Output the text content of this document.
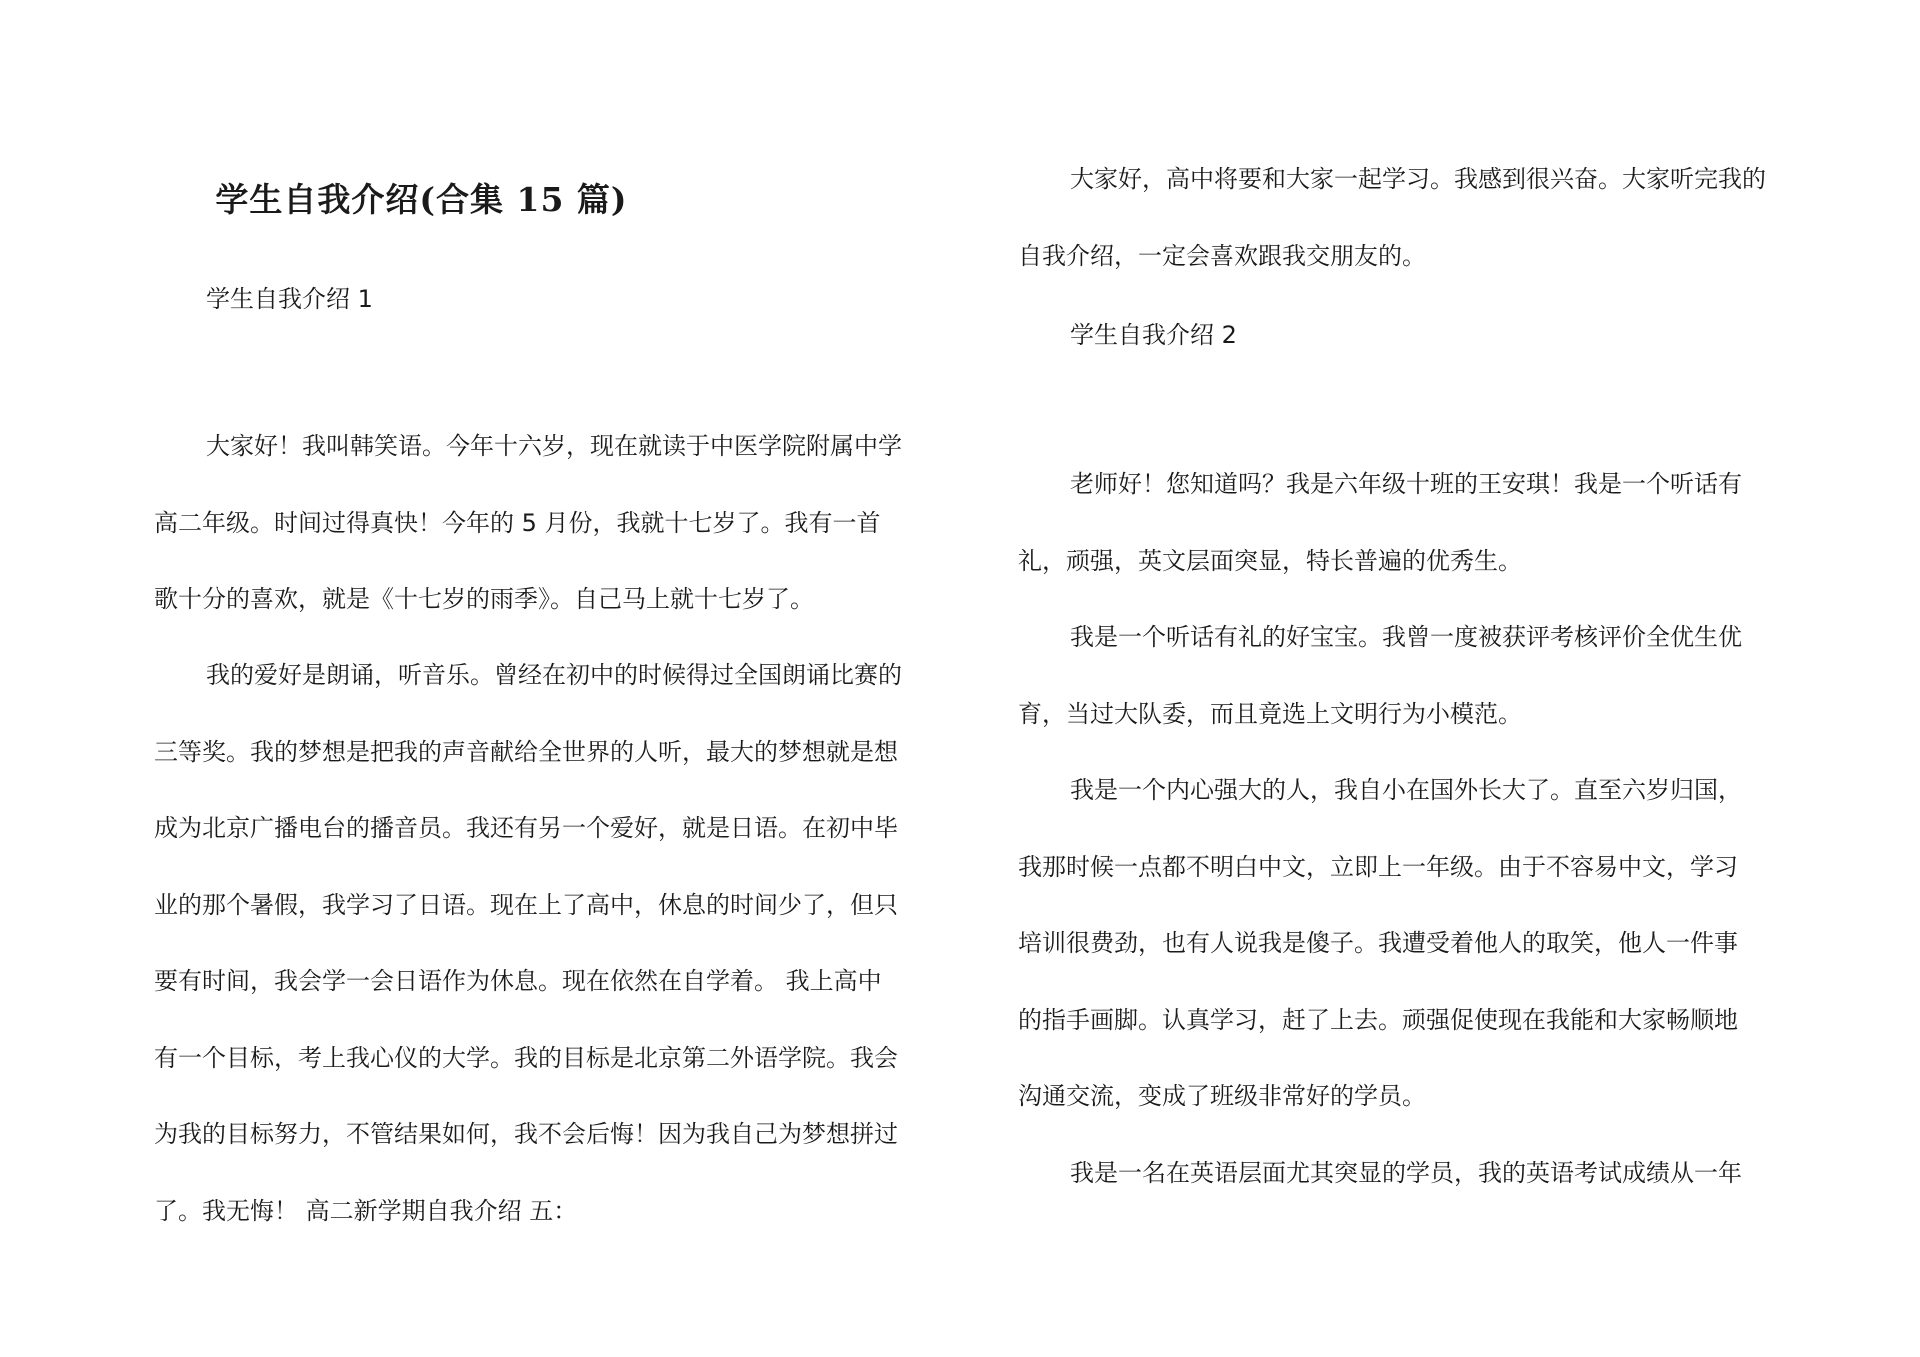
学生自我介绍(合集 15 篇)
学生自我介绍 1
大家好！我叫韩笑语。今年十六岁，现在就读于中医学院附属中学
高二年级。时间过得真快！今年的 5 月份，我就十七岁了。我有一首
歌十分的喜欢，就是《十七岁的雨季》。自己马上就十七岁了。
我的爱好是朗诵，听音乐。曾经在初中的时候得过全国朗诵比赛的
三等奖。我的梦想是把我的声音献给全世界的人听，最大的梦想就是想
成为北京广播电台的播音员。我还有另一个爱好，就是日语。在初中毕
业的那个暑假，我学习了日语。现在上了高中，休息的时间少了，但只
要有时间，我会学一会日语作为休息。现在依然在自学着。 我上高中
有一个目标，考上我心仪的大学。我的目标是北京第二外语学院。我会
为我的目标努力，不管结果如何，我不会后悔！因为我自己为梦想拼过
了。我无悔！ 高二新学期自我介绍 五：
大家好，高中将要和大家一起学习。我感到很兴奋。大家听完我的
自我介绍，一定会喜欢跟我交朋友的。
学生自我介绍 2
老师好！您知道吗？我是六年级十班的王安琪！我是一个听话有
礼，顽强，英文层面突显，特长普遍的优秀生。
我是一个听话有礼的好宝宝。我曾一度被获评考核评价全优生优
育，当过大队委，而且竟选上文明行为小模范。
我是一个内心强大的人，我自小在国外长大了。直至六岁归国，
我那时候一点都不明白中文，立即上一年级。由于不容易中文，学习
培训很费劲，也有人说我是傻子。我遭受着他人的取笑，他人一件事
的指手画脚。认真学习，赶了上去。顽强促使现在我能和大家畅顺地
沟通交流，变成了班级非常好的学员。
我是一名在英语层面尤其突显的学员，我的英语考试成绩从一年
